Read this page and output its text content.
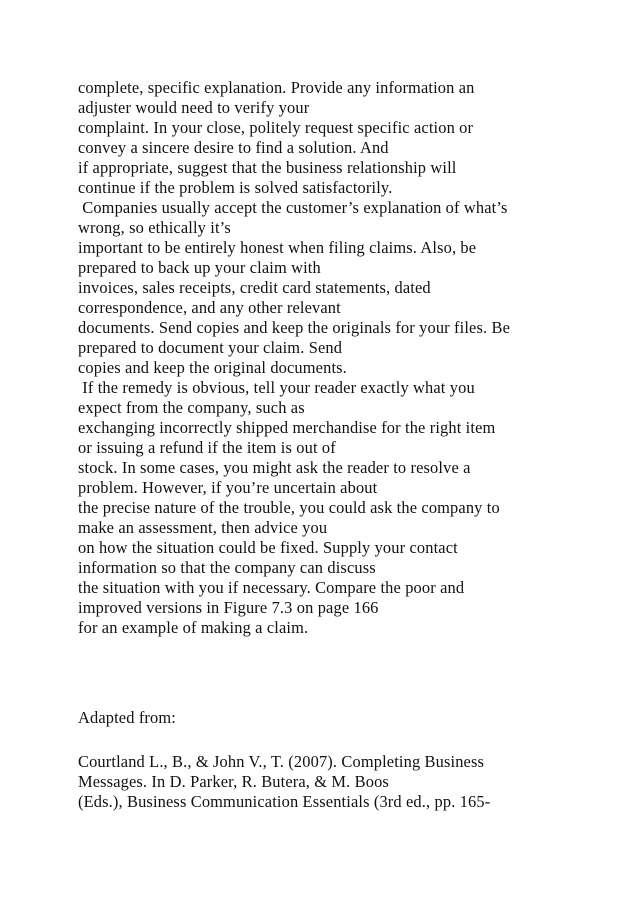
complete, specific explanation. Provide any information an

adjuster would need to verify your

complaint. In your close, politely request specific action or

convey a sincere desire to find a solution. And

if appropriate, suggest that the business relationship will

continue if the problem is solved satisfactorily.

Companies usually accept the customer’s explanation of what’s

wrong, so ethically it’s

important to be entirely honest when filing claims. Also, be

prepared to back up your claim with

invoices, sales receipts, credit card statements, dated

correspondence, and any other relevant

documents. Send copies and keep the originals for your files. Be

prepared to document your claim. Send

copies and keep the original documents.

If the remedy is obvious, tell your reader exactly what you

expect from the company, such as

exchanging incorrectly shipped merchandise for the right item

or issuing a refund if the item is out of

stock. In some cases, you might ask the reader to resolve a

problem. However, if you’re uncertain about

the precise nature of the trouble, you could ask the company to

make an assessment, then advice you

on how the situation could be fixed. Supply your contact

information so that the company can discuss

the situation with you if necessary. Compare the poor and

improved versions in Figure 7.3 on page 166

for an example of making a claim.

Adapted from:

Courtland L., B., & John V., T. (2007). Completing Business

Messages. In D. Parker, R. Butera, & M. Boos

(Eds.), Business Communication Essentials (3rd ed., pp. 165-
